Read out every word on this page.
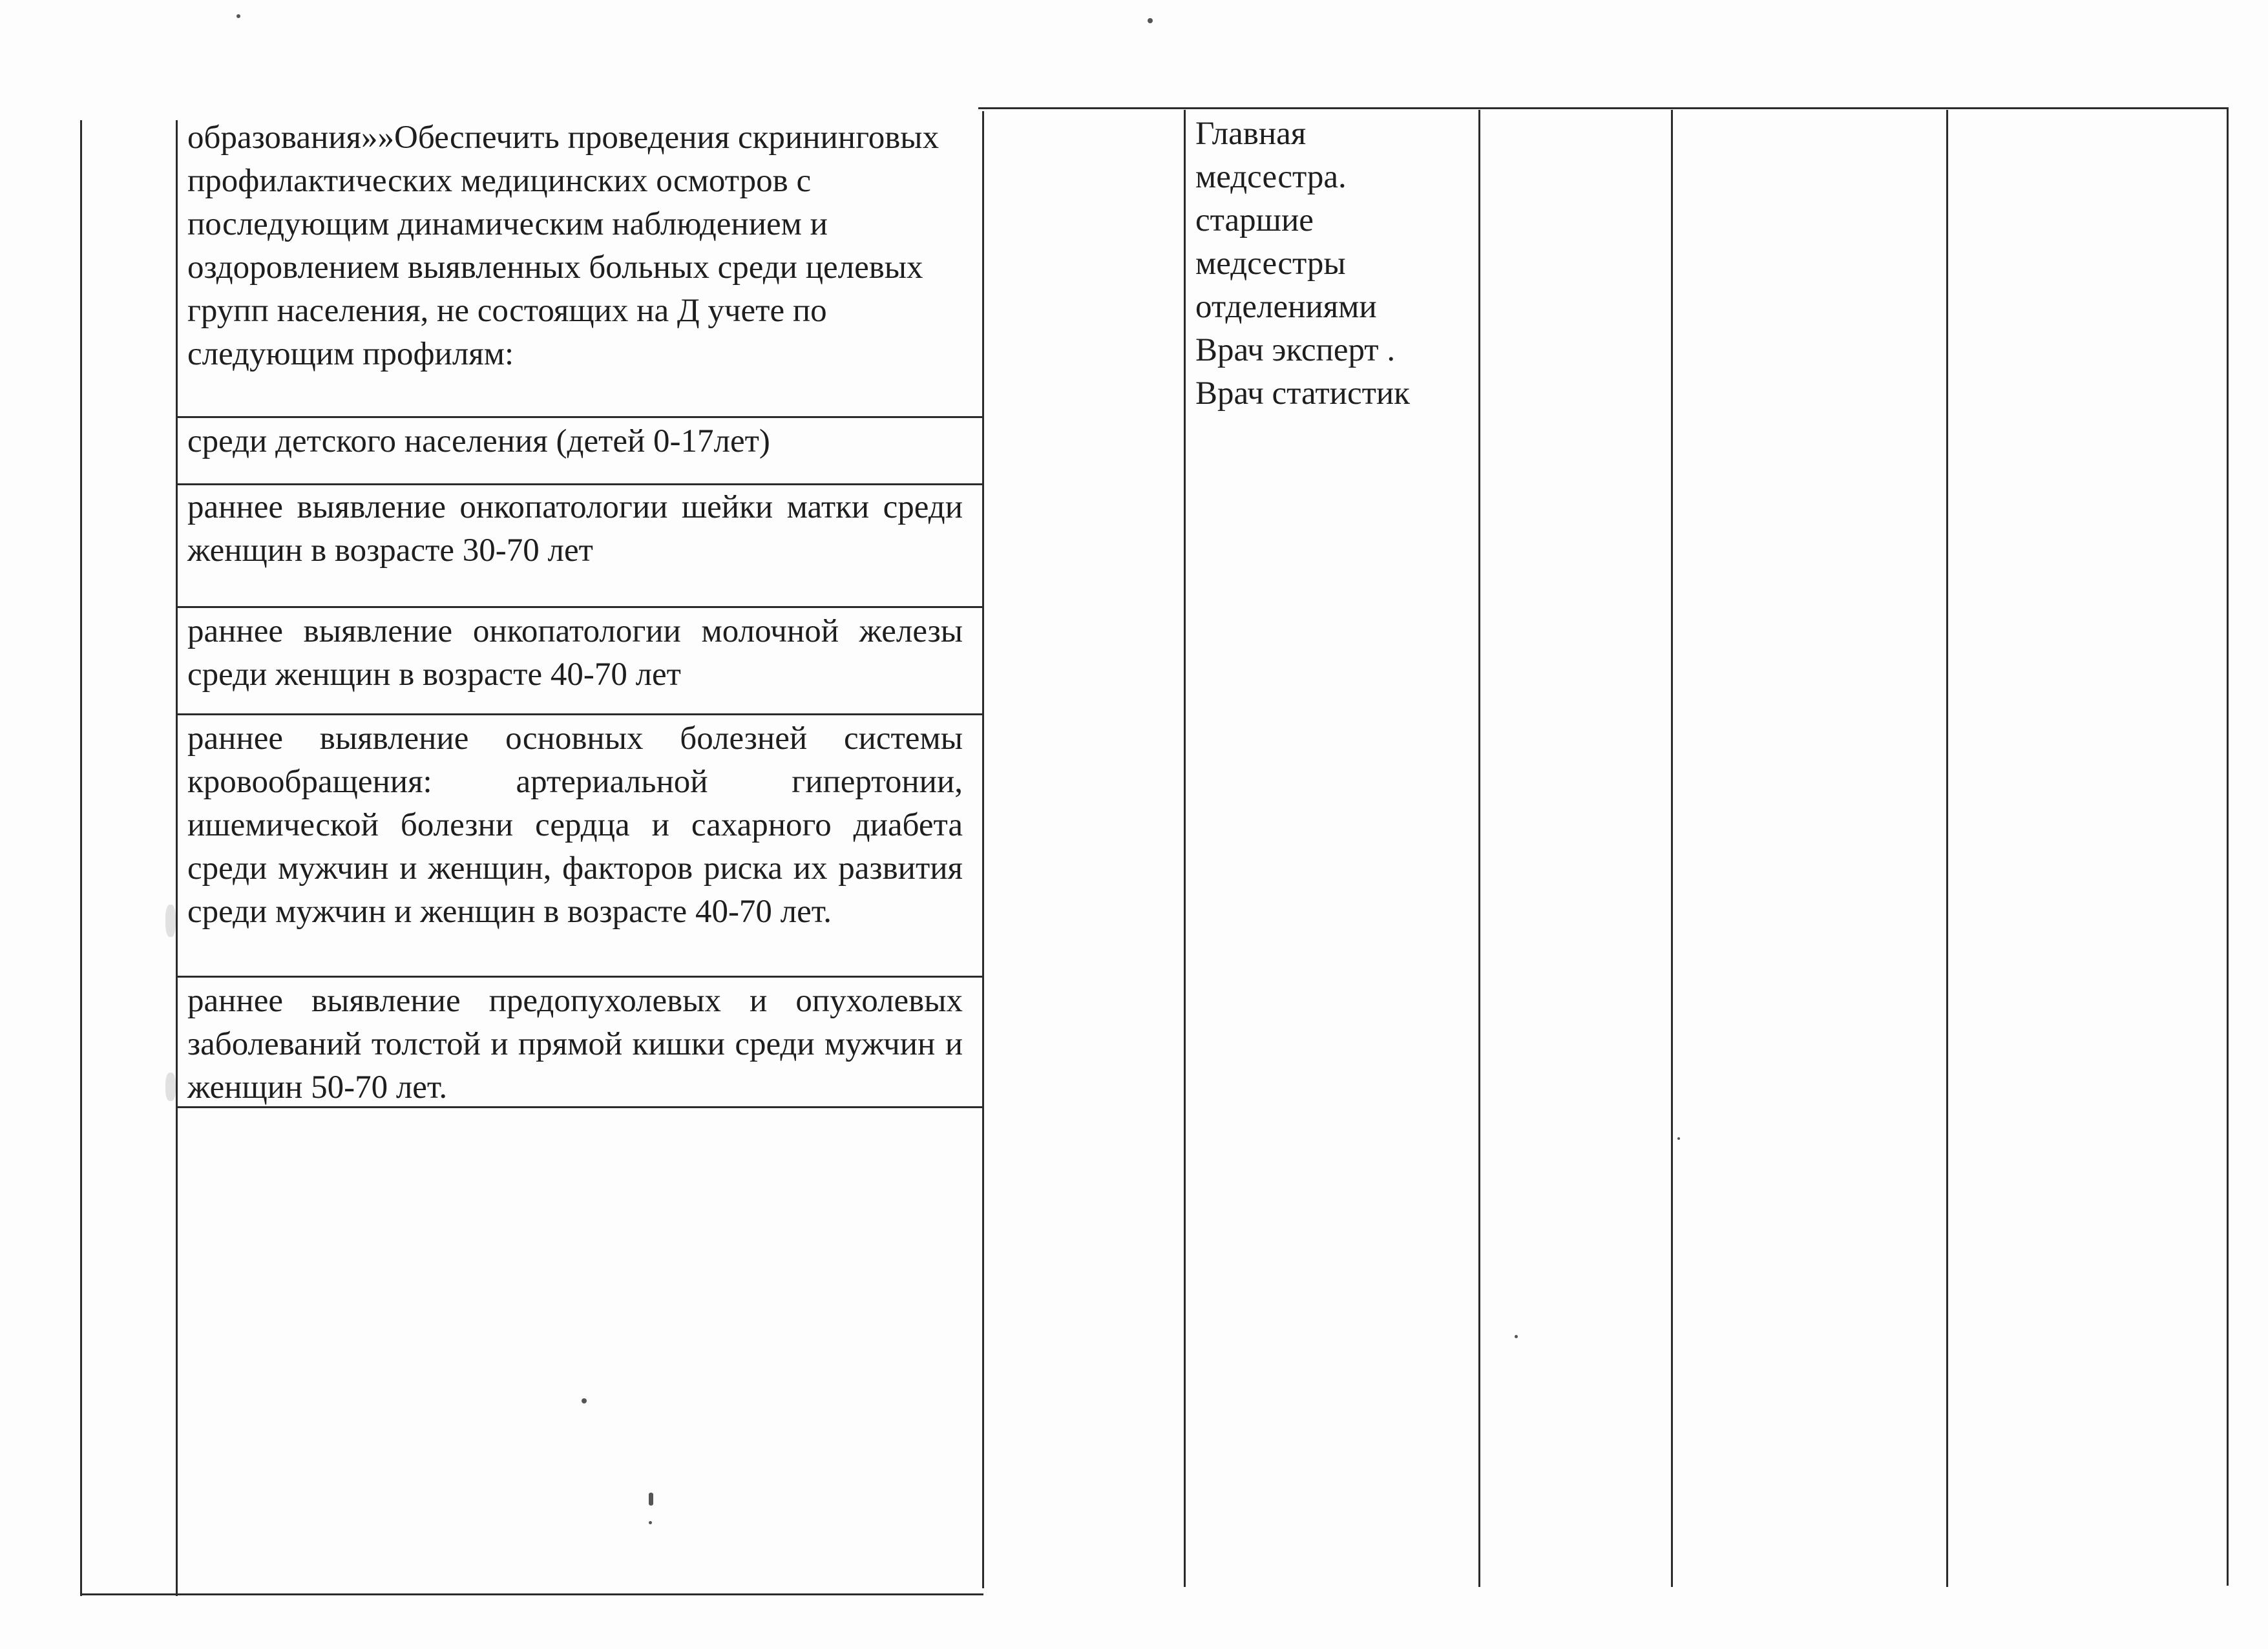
образования»»Обеспечить проведения скрининговых профилактических медицинских осмотров с последующим динамическим наблюдением и оздоровлением выявленных больных среди целевых групп населения, не состоящих на Д учете по следующим профилям:
среди детского населения (детей 0-17лет)
раннее выявление онкопатологии шейки матки среди женщин в возрасте 30-70 лет
раннее выявление онкопатологии молочной железы среди женщин в возрасте 40-70 лет
раннее выявление основных болезней системы кровообращения: артериальной гипертонии, ишемической болезни сердца и сахарного диабета среди мужчин и женщин, факторов риска их развития среди мужчин и женщин в возрасте 40-70 лет.
раннее выявление предопухолевых и опухолевых заболеваний толстой и прямой кишки среди мужчин и женщин 50-70 лет.
Главная
медсестра.
старшие
медсестры
отделениями
Врач эксперт .
Врач статистик
